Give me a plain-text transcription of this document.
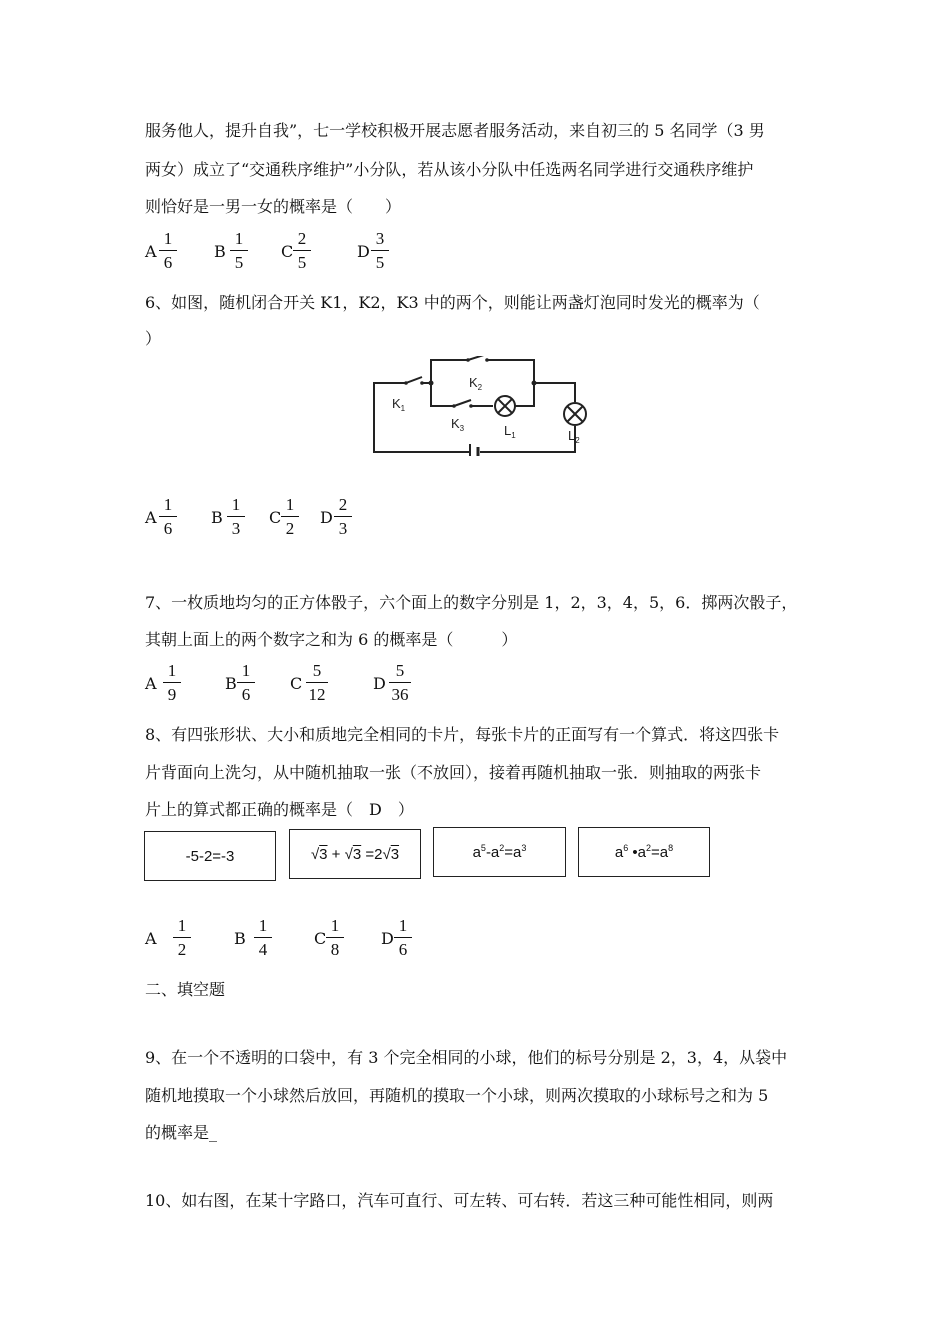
服务他人，提升自我”，七一学校积极开展志愿者服务活动，来自初三的 5 名同学（3 男
两女）成立了“交通秩序维护”小分队，若从该小分队中任选两名同学进行交通秩序维护
则恰好是一男一女的概率是（　　）
A
1
6
B
1
5
C
2
5
D
3
5
6、如图，随机闭合开关 K1，K2，K3 中的两个，则能让两盏灯泡同时发光的概率为（
）
$K_1$
$K_2$
$K_3$	$L_1$	$L_2$
A
1
6
B
1
3
C
1
2
D
2
3
7、一枚质地均匀的正方体骰子，六个面上的数字分别是 1，2，3，4，5，6．掷两次骰子，
其朝上面上的两个数字之和为 6 的概率是（　　　）
A
1
9
B
1
6
C
5
12
D
5
36
8、有四张形状、大小和质地完全相同的卡片，每张卡片的正面写有一个算式．将这四张卡
片背面向上洗匀，从中随机抽取一张（不放回），接着再随机抽取一张．则抽取的两张卡
片上的算式都正确的概率是（　D　）
-5-2=-3	√3 + √3 =2√3	$a^5-a^2=a^3$	$a^6$ $•a^2=a^8$
A
1
2
B
1
4
C
1
8
D
1
6
二、填空题
9、在一个不透明的口袋中，有 3 个完全相同的小球，他们的标号分别是 2，3，4，从袋中
随机地摸取一个小球然后放回，再随机的摸取一个小球，则两次摸取的小球标号之和为 5
的概率是_
10、如右图，在某十字路口，汽车可直行、可左转、可右转．若这三种可能性相同，则两
